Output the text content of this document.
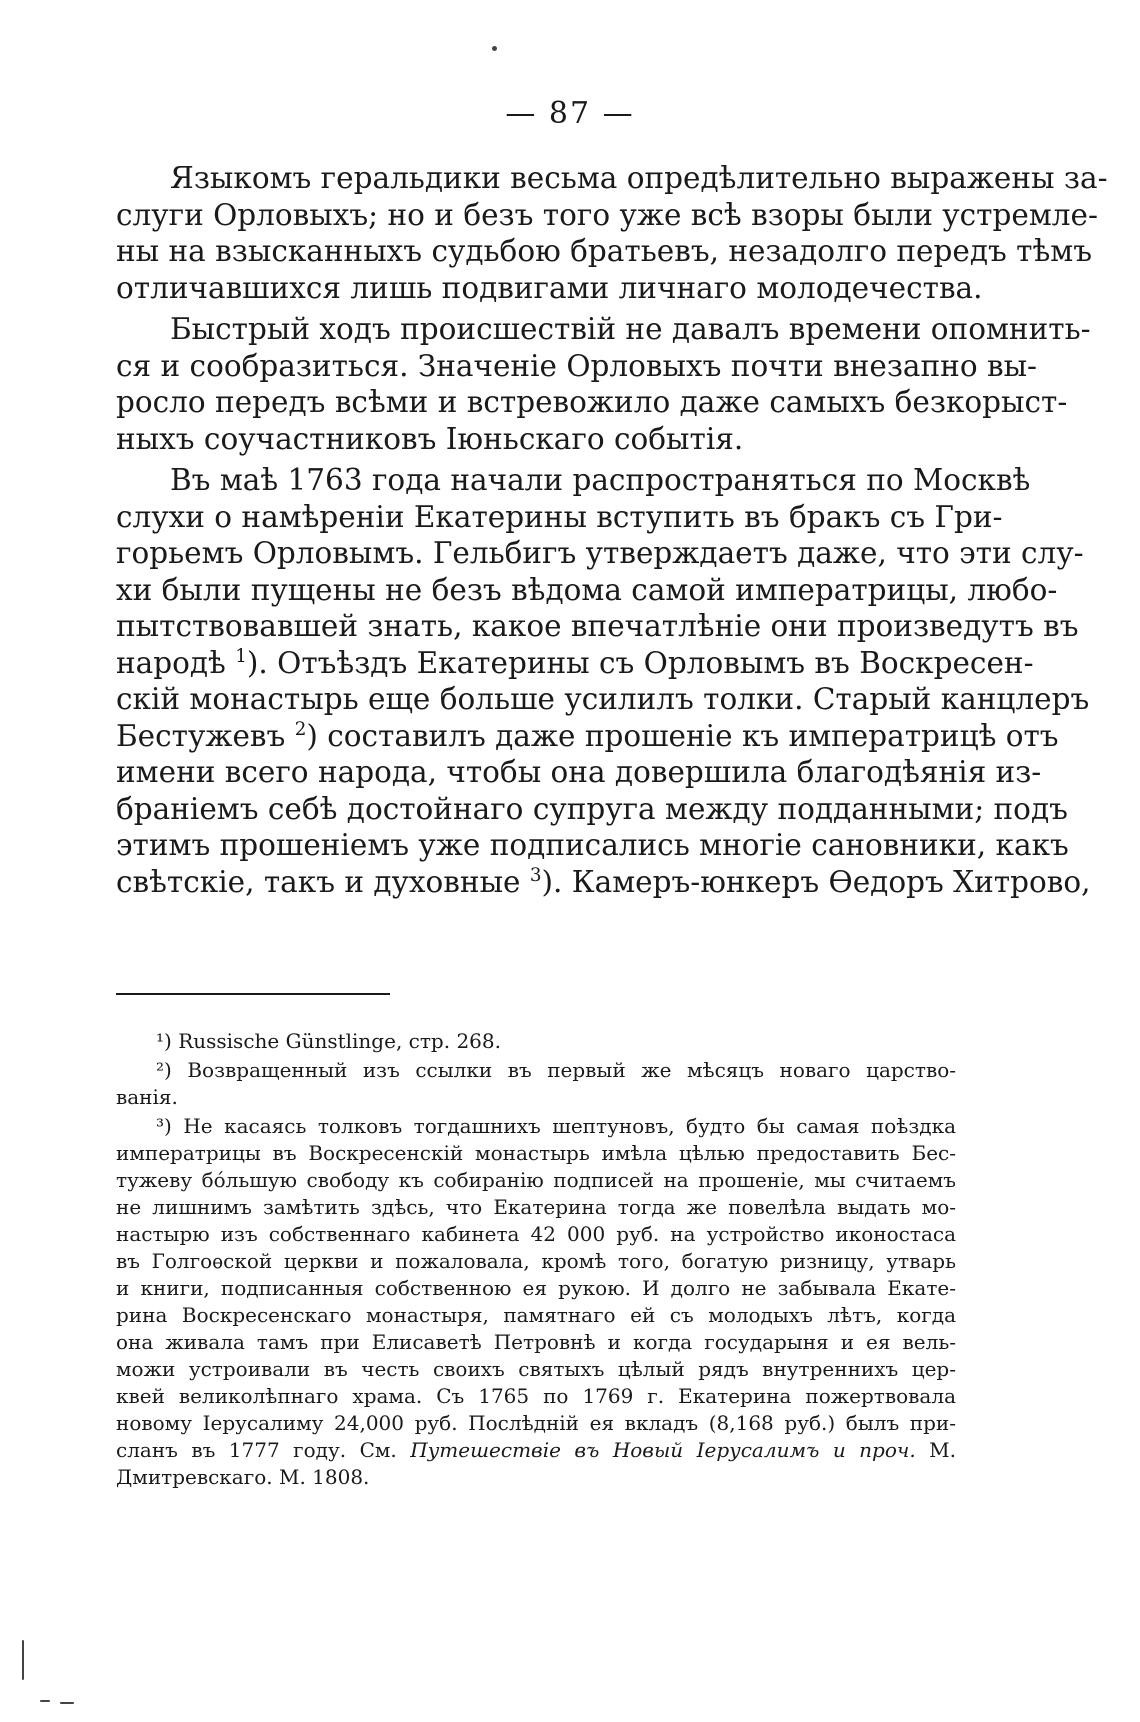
— 87 —
Языкомъ геральдики весьма опредѣлительно выражены за-
слуги Орловыхъ; но и безъ того уже всѣ взоры были устремле-
ны на взысканныхъ судьбою братьевъ, незадолго передъ тѣмъ
отличавшихся лишь подвигами личнаго молодечества.
Быстрый ходъ происшествій не давалъ времени опомнить-
ся и сообразиться. Значеніе Орловыхъ почти внезапно вы-
росло передъ всѣми и встревожило даже самыхъ безкорыст-
ныхъ соучастниковъ Іюньскаго событія.
Въ маѣ 1763 года начали распространяться по Москвѣ
слухи о намѣреніи Екатерины вступить въ бракъ съ Гри-
горьемъ Орловымъ. Гельбигъ утверждаетъ даже, что эти слу-
хи были пущены не безъ вѣдома самой императрицы, любо-
пытствовавшей знать, какое впечатлѣніе они произведутъ въ
народѣ $^1$). Отъѣздъ Екатерины съ Орловымъ въ Воскресен-
скій монастырь еще больше усилилъ толки. Старый канцлеръ
Бестужевъ $^2$) составилъ даже прошеніе къ императрицѣ отъ
имени всего народа, чтобы она довершила благодѣянія из-
браніемъ себѣ достойнаго супруга между подданными; подъ
этимъ прошеніемъ уже подписались многіе сановники, какъ
свѣтскіе, такъ и духовные $^3$). Камеръ-юнкеръ Ѳедоръ Хитрово,
¹) Russische Günstlinge, стр. 268.
²) Возвращенный изъ ссылки въ первый же мѣсяцъ новаго царство-
ванія.
³) Не касаясь толковъ тогдашнихъ шептуновъ, будто бы самая поѣздка
императрицы въ Воскресенскій монастырь имѣла цѣлью предоставить Бес-
тужеву бóльшую свободу къ собиранію подписей на прошеніе, мы считаемъ
не лишнимъ замѣтить здѣсь, что Екатерина тогда же повелѣла выдать мо-
настырю изъ собственнаго кабинета 42 000 руб. на устройство иконостаса
въ Голгоѳской церкви и пожаловала, кромѣ того, богатую ризницу, утварь
и книги, подписанныя собственною ея рукою. И долго не забывала Екате-
рина Воскресенскаго монастыря, памятнаго ей съ молодыхъ лѣтъ, когда
она живала тамъ при Елисаветѣ Петровнѣ и когда государыня и ея вель-
можи устроивали въ честь своихъ святыхъ цѣлый рядъ внутреннихъ цер-
квей великолѣпнаго храма. Съ 1765 по 1769 г. Екатерина пожертвовала
новому Іерусалиму 24,000 руб. Послѣдній ея вкладъ (8,168 руб.) былъ при-
сланъ въ 1777 году. См. Путешествіе въ Новый Іерусалимъ и проч. М.
Дмитревскаго. М. 1808.
